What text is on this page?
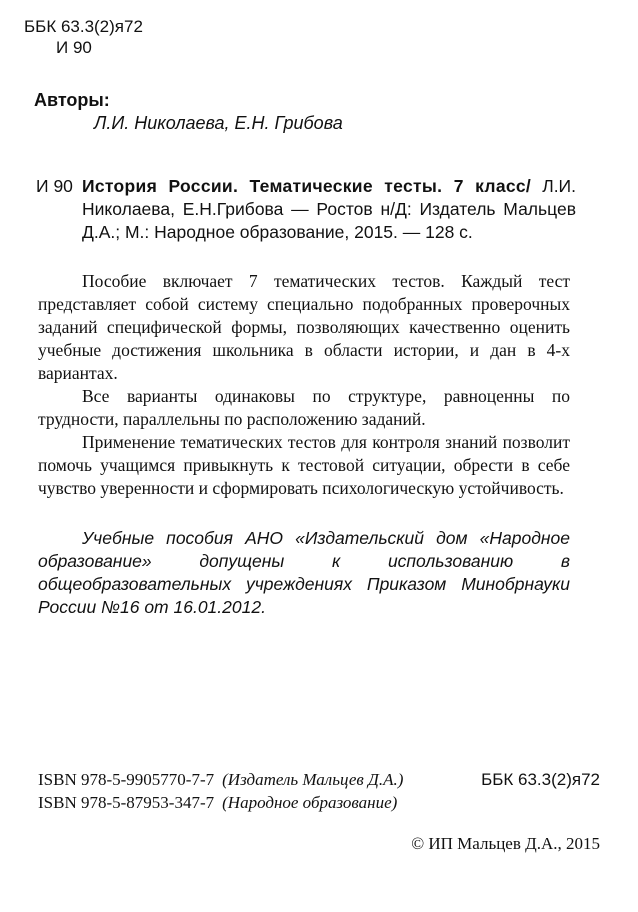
ББК 63.3(2)я72
И 90
Авторы:
Л.И. Николаева, Е.Н. Грибова
И 90 История России. Тематические тесты. 7 класс/ Л.И. Николаева, Е.Н.Грибова — Ростов н/Д: Издатель Мальцев Д.А.; М.: Народное образование, 2015. — 128 с.

Пособие включает 7 тематических тестов. Каждый тест представляет собой систему специально подобранных проверочных заданий специфической формы, позволяющих качественно оценить учебные достижения школьника в области истории, и дан в 4-х вариантах.

Все варианты одинаковы по структуре, равноценны по трудности, параллельны по расположению заданий.

Применение тематических тестов для контроля знаний позволит помочь учащимся привыкнуть к тестовой ситуации, обрести в себе чувство уверенности и сформировать психологическую устойчивость.

Учебные пособия АНО «Издательский дом «Народное образование» допущены к использованию в общеобразовательных учреждениях Приказом Минобрнауки России №16 от 16.01.2012.

ISBN 978-5-9905770-7-7 (Издатель Мальцев Д.А.)
ISBN 978-5-87953-347-7 (Народное образование)
ББК 63.3(2)я72
© ИП Мальцев Д.А., 2015
